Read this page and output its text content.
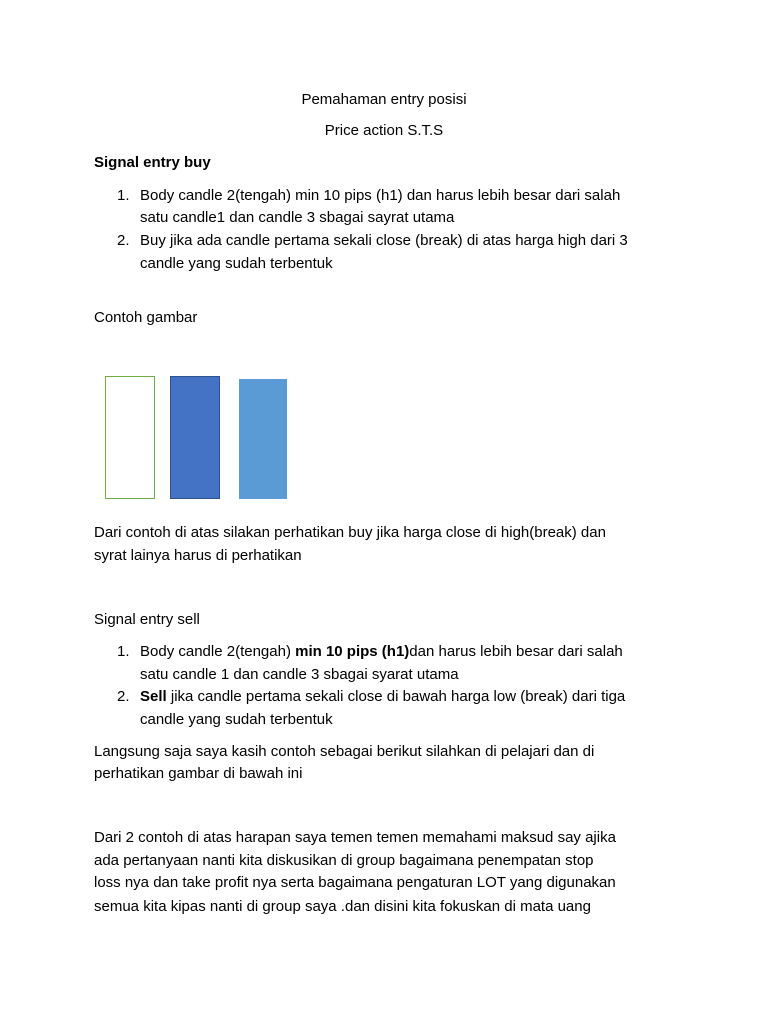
Pemahaman entry posisi
Price action S.T.S
Signal entry buy
1. Body candle 2(tengah) min 10 pips (h1) dan harus lebih besar dari salah
satu candle1 dan candle 3 sbagai sayrat utama
2. Buy jika ada candle pertama sekali close (break) di atas harga high dari 3
candle yang sudah terbentuk
Contoh gambar
Dari contoh di atas silakan perhatikan buy jika harga close di high(break) dan
syrat lainya harus di perhatikan
Signal entry sell
1. Body candle 2(tengah) min 10 pips (h1)dan harus lebih besar dari salah
satu candle 1 dan candle 3 sbagai syarat utama
2. Sell jika candle pertama sekali close di bawah harga low (break) dari tiga
candle yang sudah terbentuk
Langsung saja saya kasih contoh sebagai berikut silahkan di pelajari dan di
perhatikan gambar di bawah ini
Dari 2 contoh di atas harapan saya temen temen memahami maksud say ajika
ada pertanyaan nanti kita diskusikan di group bagaimana penempatan stop
loss nya dan take profit nya serta bagaimana pengaturan LOT yang digunakan
semua kita kipas nanti di group saya .dan disini kita fokuskan di mata uang
